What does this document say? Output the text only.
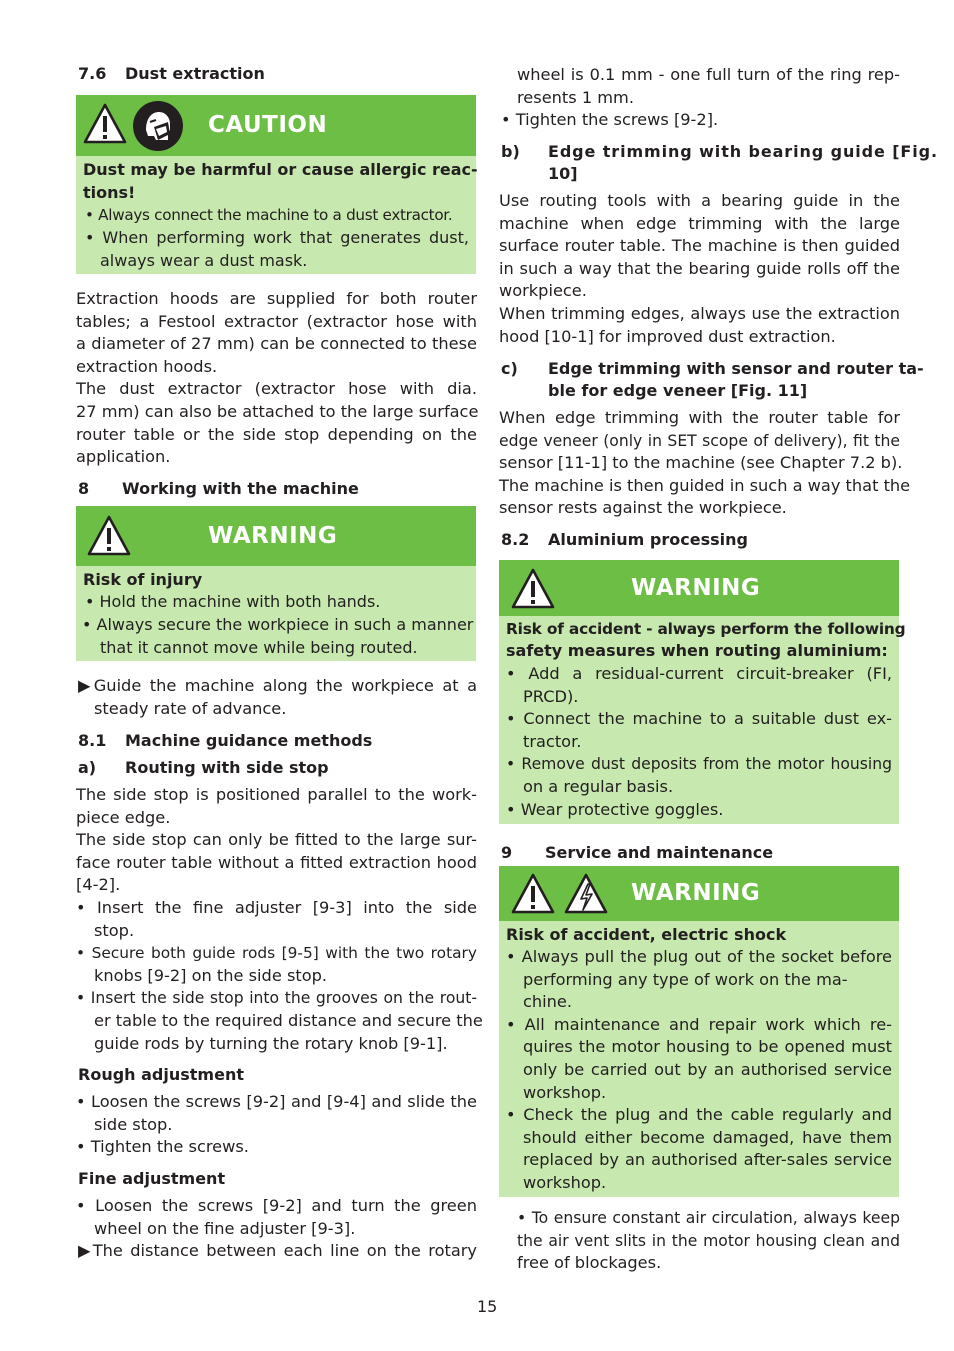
7.6 Dust extraction
CAUTION
Dust may be harmful or cause allergic reac-
tions!
• Always connect the machine to a dust extractor.
• When performing work that generates dust,
always wear a dust mask.
Extraction hoods are supplied for both router
tables; a Festool extractor (extractor hose with
a diameter of 27 mm) can be connected to these
extraction hoods.
The dust extractor (extractor hose with dia.
27 mm) can also be attached to the large surface
router table or the side stop depending on the
application.
8 Working with the machine
WARNING
Risk of injury
• Hold the machine with both hands.
• Always secure the workpiece in such a manner
that it cannot move while being routed.
▶Guide the machine along the workpiece at a
steady rate of advance.
8.1 Machine guidance methods
a) Routing with side stop
The side stop is positioned parallel to the work-
piece edge.
The side stop can only be fitted to the large sur-
face router table without a fitted extraction hood
[4-2].
• Insert the fine adjuster [9-3] into the side
stop.
• Secure both guide rods [9-5] with the two rotary
knobs [9-2] on the side stop.
• Insert the side stop into the grooves on the rout-
er table to the required distance and secure the
guide rods by turning the rotary knob [9-1].
Rough adjustment
• Loosen the screws [9-2] and [9-4] and slide the
side stop.
• Tighten the screws.
Fine adjustment
• Loosen the screws [9-2] and turn the green
wheel on the fine adjuster [9-3].
▶The distance between each line on the rotary
wheel is 0.1 mm - one full turn of the ring rep-
resents 1 mm.
• Tighten the screws [9-2].
b) Edge trimming with bearing guide [Fig.
10]
Use routing tools with a bearing guide in the
machine when edge trimming with the large
surface router table. The machine is then guided
in such a way that the bearing guide rolls off the
workpiece.
When trimming edges, always use the extraction
hood [10-1] for improved dust extraction.
c) Edge trimming with sensor and router ta-
ble for edge veneer [Fig. 11]
When edge trimming with the router table for
edge veneer (only in SET scope of delivery), fit the
sensor [11-1] to the machine (see Chapter 7.2 b).
The machine is then guided in such a way that the
sensor rests against the workpiece.
8.2 Aluminium processing
WARNING
Risk of accident - always perform the following
safety measures when routing aluminium:
• Add a residual-current circuit-breaker (FI,
PRCD).
• Connect the machine to a suitable dust ex-
tractor.
• Remove dust deposits from the motor housing
on a regular basis.
• Wear protective goggles.
9 Service and maintenance
WARNING
Risk of accident, electric shock
• Always pull the plug out of the socket before
performing any type of work on the ma-
chine.
• All maintenance and repair work which re-
quires the motor housing to be opened must
only be carried out by an authorised service
workshop.
• Check the plug and the cable regularly and
should either become damaged, have them
replaced by an authorised after-sales service
workshop.
• To ensure constant air circulation, always keep
the air vent slits in the motor housing clean and
free of blockages.
15
